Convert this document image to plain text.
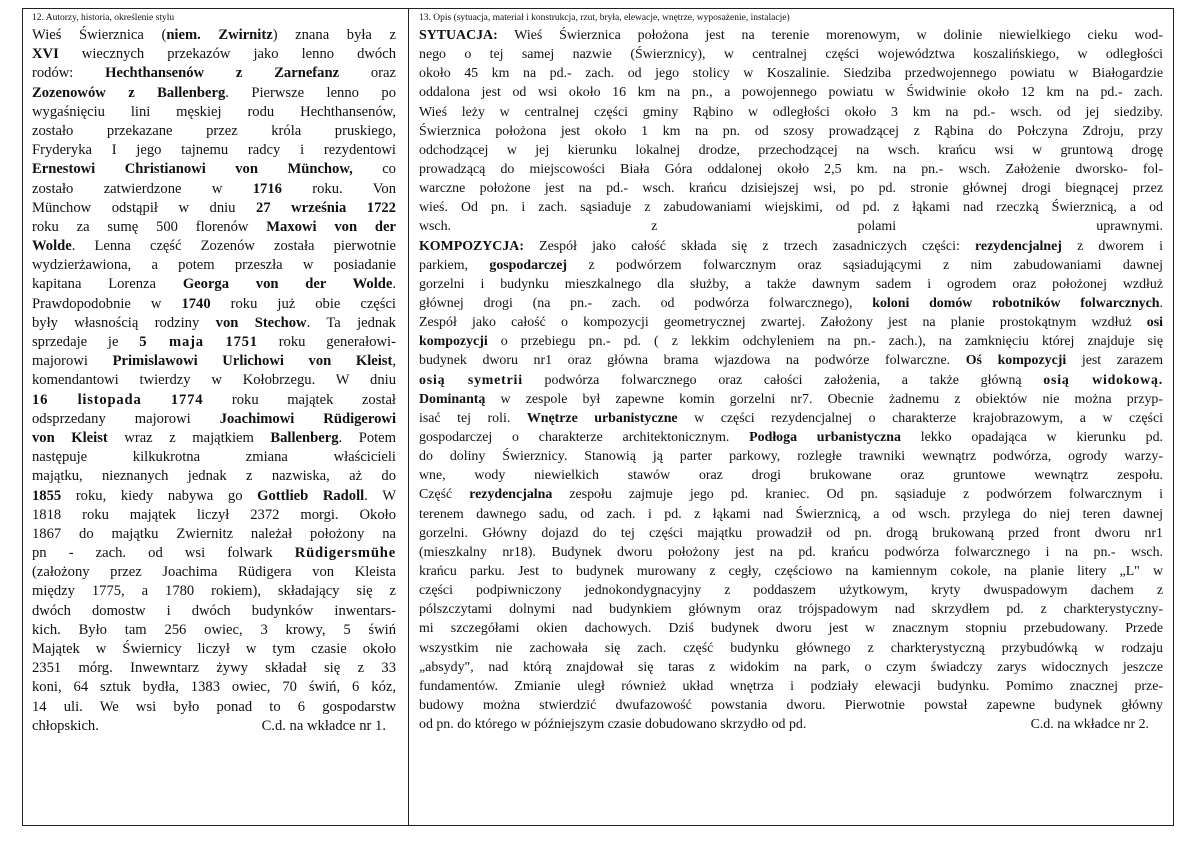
12. Autorzy, historia, określenie stylu
Wieś Świerznica (niem. Zwirnitz) znana była z
XVI wiecznych przekazów jako lenno dwóch
rodów: Hechthansenów z Zarnefanz oraz
Zozenowów z Ballenberg. Pierwsze lenno po
wygaśnięciu lini męskiej rodu Hechthansenów,
zostało przekazane przez króla pruskiego,
Fryderyka I jego tajnemu radcy i rezydentowi
Ernestowi Christianowi von Münchow, co
zostało zatwierdzone w 1716 roku. Von
Münchow odstąpił w dniu 27 września 1722
roku za sumę 500 florenów Maxowi von der
Wolde. Lenna część Zozenów została pierwotnie
wydzierżawiona, a potem przeszła w posiadanie
kapitana Lorenza Georga von der Wolde.
Prawdopodobnie w 1740 roku już obie części
były własnością rodziny von Stechow. Ta jednak
sprzedaje je 5 maja 1751 roku generałowi-
majorowi Primislawowi Urlichowi von Kleist,
komendantowi twierdzy w Kołobrzegu. W dniu
16 listopada 1774 roku majątek został
odsprzedany majorowi Joachimowi Rüdigerowi
von Kleist wraz z majątkiem Ballenberg. Potem
następuje kilkukrotna zmiana właścicieli
majątku, nieznanych jednak z nazwiska, aż do
1855 roku, kiedy nabywa go Gottlieb Radoll. W
1818 roku majątek liczył 2372 morgi. Około
1867 do majątku Zwiernitz należał położony na
pn - zach. od wsi folwark Rüdigersmühe
(założony przez Joachima Rüdigera von Kleista
między 1775, a 1780 rokiem), składający się z
dwóch domostw i dwóch budynków inwentars-
kich. Było tam 256 owiec, 3 krowy, 5 świń
Majątek w Świernicy liczył w tym czasie około
2351 mórg. Inwewntarz żywy składał się z 33
koni, 64 sztuk bydła, 1383 owiec, 70 świń, 6 kóz,
14 uli. We wsi było ponad to 6 gospodarstw
chłopskich.	C.d. na wkładce nr 1.
13. Opis (sytuacja, materiał i konstrukcja, rzut, bryła, elewacje, wnętrze, wyposażenie, instalacje)
SYTUACJA: Wieś Świerznica położona jest na terenie morenowym, w dolinie niewielkiego cieku wod-
nego o tej samej nazwie (Świerznicy), w centralnej części województwa koszalińskiego, w odległości
około 45 km na pd.- zach. od jego stolicy w Koszalinie. Siedziba przedwojennego powiatu w Białogardzie
oddalona jest od wsi około 16 km na pn., a powojennego powiatu w Świdwinie około 12 km na pd.- zach.
Wieś leży w centralnej części gminy Rąbino w odległości około 3 km na pd.- wsch. od jej siedziby.
Świerznica położona jest około 1 km na pn. od szosy prowadzącej z Rąbina do Połczyna Zdroju, przy
odchodzącej w jej kierunku lokalnej drodze, przechodzącej na wsch. krańcu wsi w gruntową drogę
prowadzącą do miejscowości Biała Góra oddalonej około 2,5 km. na pn.- wsch. Założenie dworsko- fol-
warczne położone jest na pd.- wsch. krańcu dzisiejszej wsi, po pd. stronie głównej drogi biegnącej przez
wieś. Od pn. i zach. sąsiaduje z zabudowaniami wiejskimi, od pd. z łąkami nad rzeczką Świerznicą, a od
wsch. z polami uprawnymi.
KOMPOZYCJA: Zespół jako całość składa się z trzech zasadniczych części: rezydencjalnej z dworem i
parkiem, gospodarczej z podwórzem folwarcznym oraz sąsiadującymi z nim zabudowaniami dawnej
gorzelni i budynku mieszkalnego dla służby, a także dawnym sadem i ogrodem oraz położonej wzdłuż
głównej drogi (na pn.- zach. od podwórza folwarcznego), koloni domów robotników folwarcznych.
Zespół jako całość o kompozycji geometrycznej zwartej. Założony jest na planie prostokątnym wzdłuż osi
kompozycji o przebiegu pn.- pd. ( z lekkim odchyleniem na pn.- zach.), na zamknięciu której znajduje się
budynek dworu nr1 oraz główna brama wjazdowa na podwórze folwarczne. Oś kompozycji jest zarazem
osią symetrii podwórza folwarcznego oraz całości założenia, a także główną osią widokową.
Dominantą w zespole był zapewne komin gorzelni nr7. Obecnie żadnemu z obiektów nie można przyp-
isać tej roli. Wnętrze urbanistyczne w części rezydencjalnej o charakterze krajobrazowym, a w części
gospodarczej o charakterze architektonicznym. Podłoga urbanistyczna lekko opadająca w kierunku pd.
do doliny Świerznicy. Stanowią ją parter parkowy, rozległe trawniki wewnątrz podwórza, ogrody warzy-
wne, wody niewielkich stawów oraz drogi brukowane oraz gruntowe wewnątrz zespołu.
Część rezydencjalna zespołu zajmuje jego pd. kraniec. Od pn. sąsiaduje z podwórzem folwarcznym i
terenem dawnego sadu, od zach. i pd. z łąkami nad Świerznicą, a od wsch. przylega do niej teren dawnej
gorzelni. Główny dojazd do tej części majątku prowadził od pn. drogą brukowaną przed front dworu nr1
(mieszkalny nr18). Budynek dworu położony jest na pd. krańcu podwórza folwarcznego i na pn.- wsch.
krańcu parku. Jest to budynek murowany z cegły, częściowo na kamiennym cokole, na planie litery „L" w
części podpiwniczony jednokondygnacyjny z poddaszem użytkowym, kryty dwuspadowym dachem z
pólszczytami dolnymi nad budynkiem głównym oraz trójspadowym nad skrzydłem pd. z charkterystyczny-
mi szczegółami okien dachowych. Dziś budynek dworu jest w znacznym stopniu przebudowany. Przede
wszystkim nie zachowała się zach. część budynku głównego z charkterystyczną przybudówką w rodzaju
„absydy", nad którą znajdował się taras z widokim na park, o czym świadczy zarys widocznych jeszcze
fundamentów. Zmianie uległ również układ wnętrza i podziały elewacji budynku. Pomimo znacznej prze-
budowy można stwierdzić dwufazowość powstania dworu. Pierwotnie powstał zapewne budynek główny
od pn. do którego w późniejszym czasie dobudowano skrzydło od pd.	C.d. na wkładce nr 2.
